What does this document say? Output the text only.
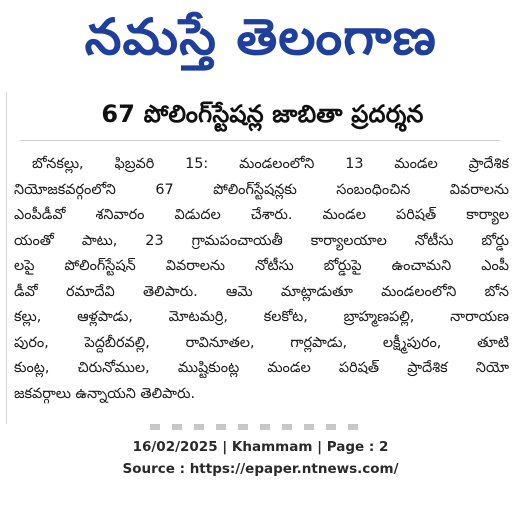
నమస్తే తెలంగాణ
67 పోలింగ్‌స్టేషన్ల జాబితా ప్రదర్శన
బోనకల్లు, ఫిబ్రవరి 15: మండలంలోని 13 మండల ప్రాదేశిక
నియోజకవర్గంలోని 67 పోలింగ్‌స్టేషన్లకు సంబంధించిన వివరాలను
ఎంపీడీవో శనివారం విడుదల చేశారు. మండల పరిషత్ కార్యాల
యంతో పాటు, 23 గ్రామపంచాయతీ కార్యాలయాల నోటీసు బోర్డు
లపై పోలింగ్‌స్టేషన్ వివరాలను నోటీసు బోర్డుపై ఉంచామని ఎంపీ
డీవో రమాదేవి తెలిపారు. ఆమె మాట్లాడుతూ మండలంలోని బోన
కల్లు, ఆళ్లపాడు, మోటమర్రి, కలకోట, బ్రాహ్మణపల్లి, నారాయణ
పురం, పెద్దబీరవల్లి, రావినూతల, గార్లపాడు, లక్ష్మీపురం, తూటి
కుంట్ల, చిరునోముల, ముష్టికుంట్ల మండల పరిషత్ ప్రాదేశిక నియో
జకవర్గాలు ఉన్నాయని తెలిపారు.
16/02/2025 | Khammam | Page : 2
Source : https://epaper.ntnews.com/
